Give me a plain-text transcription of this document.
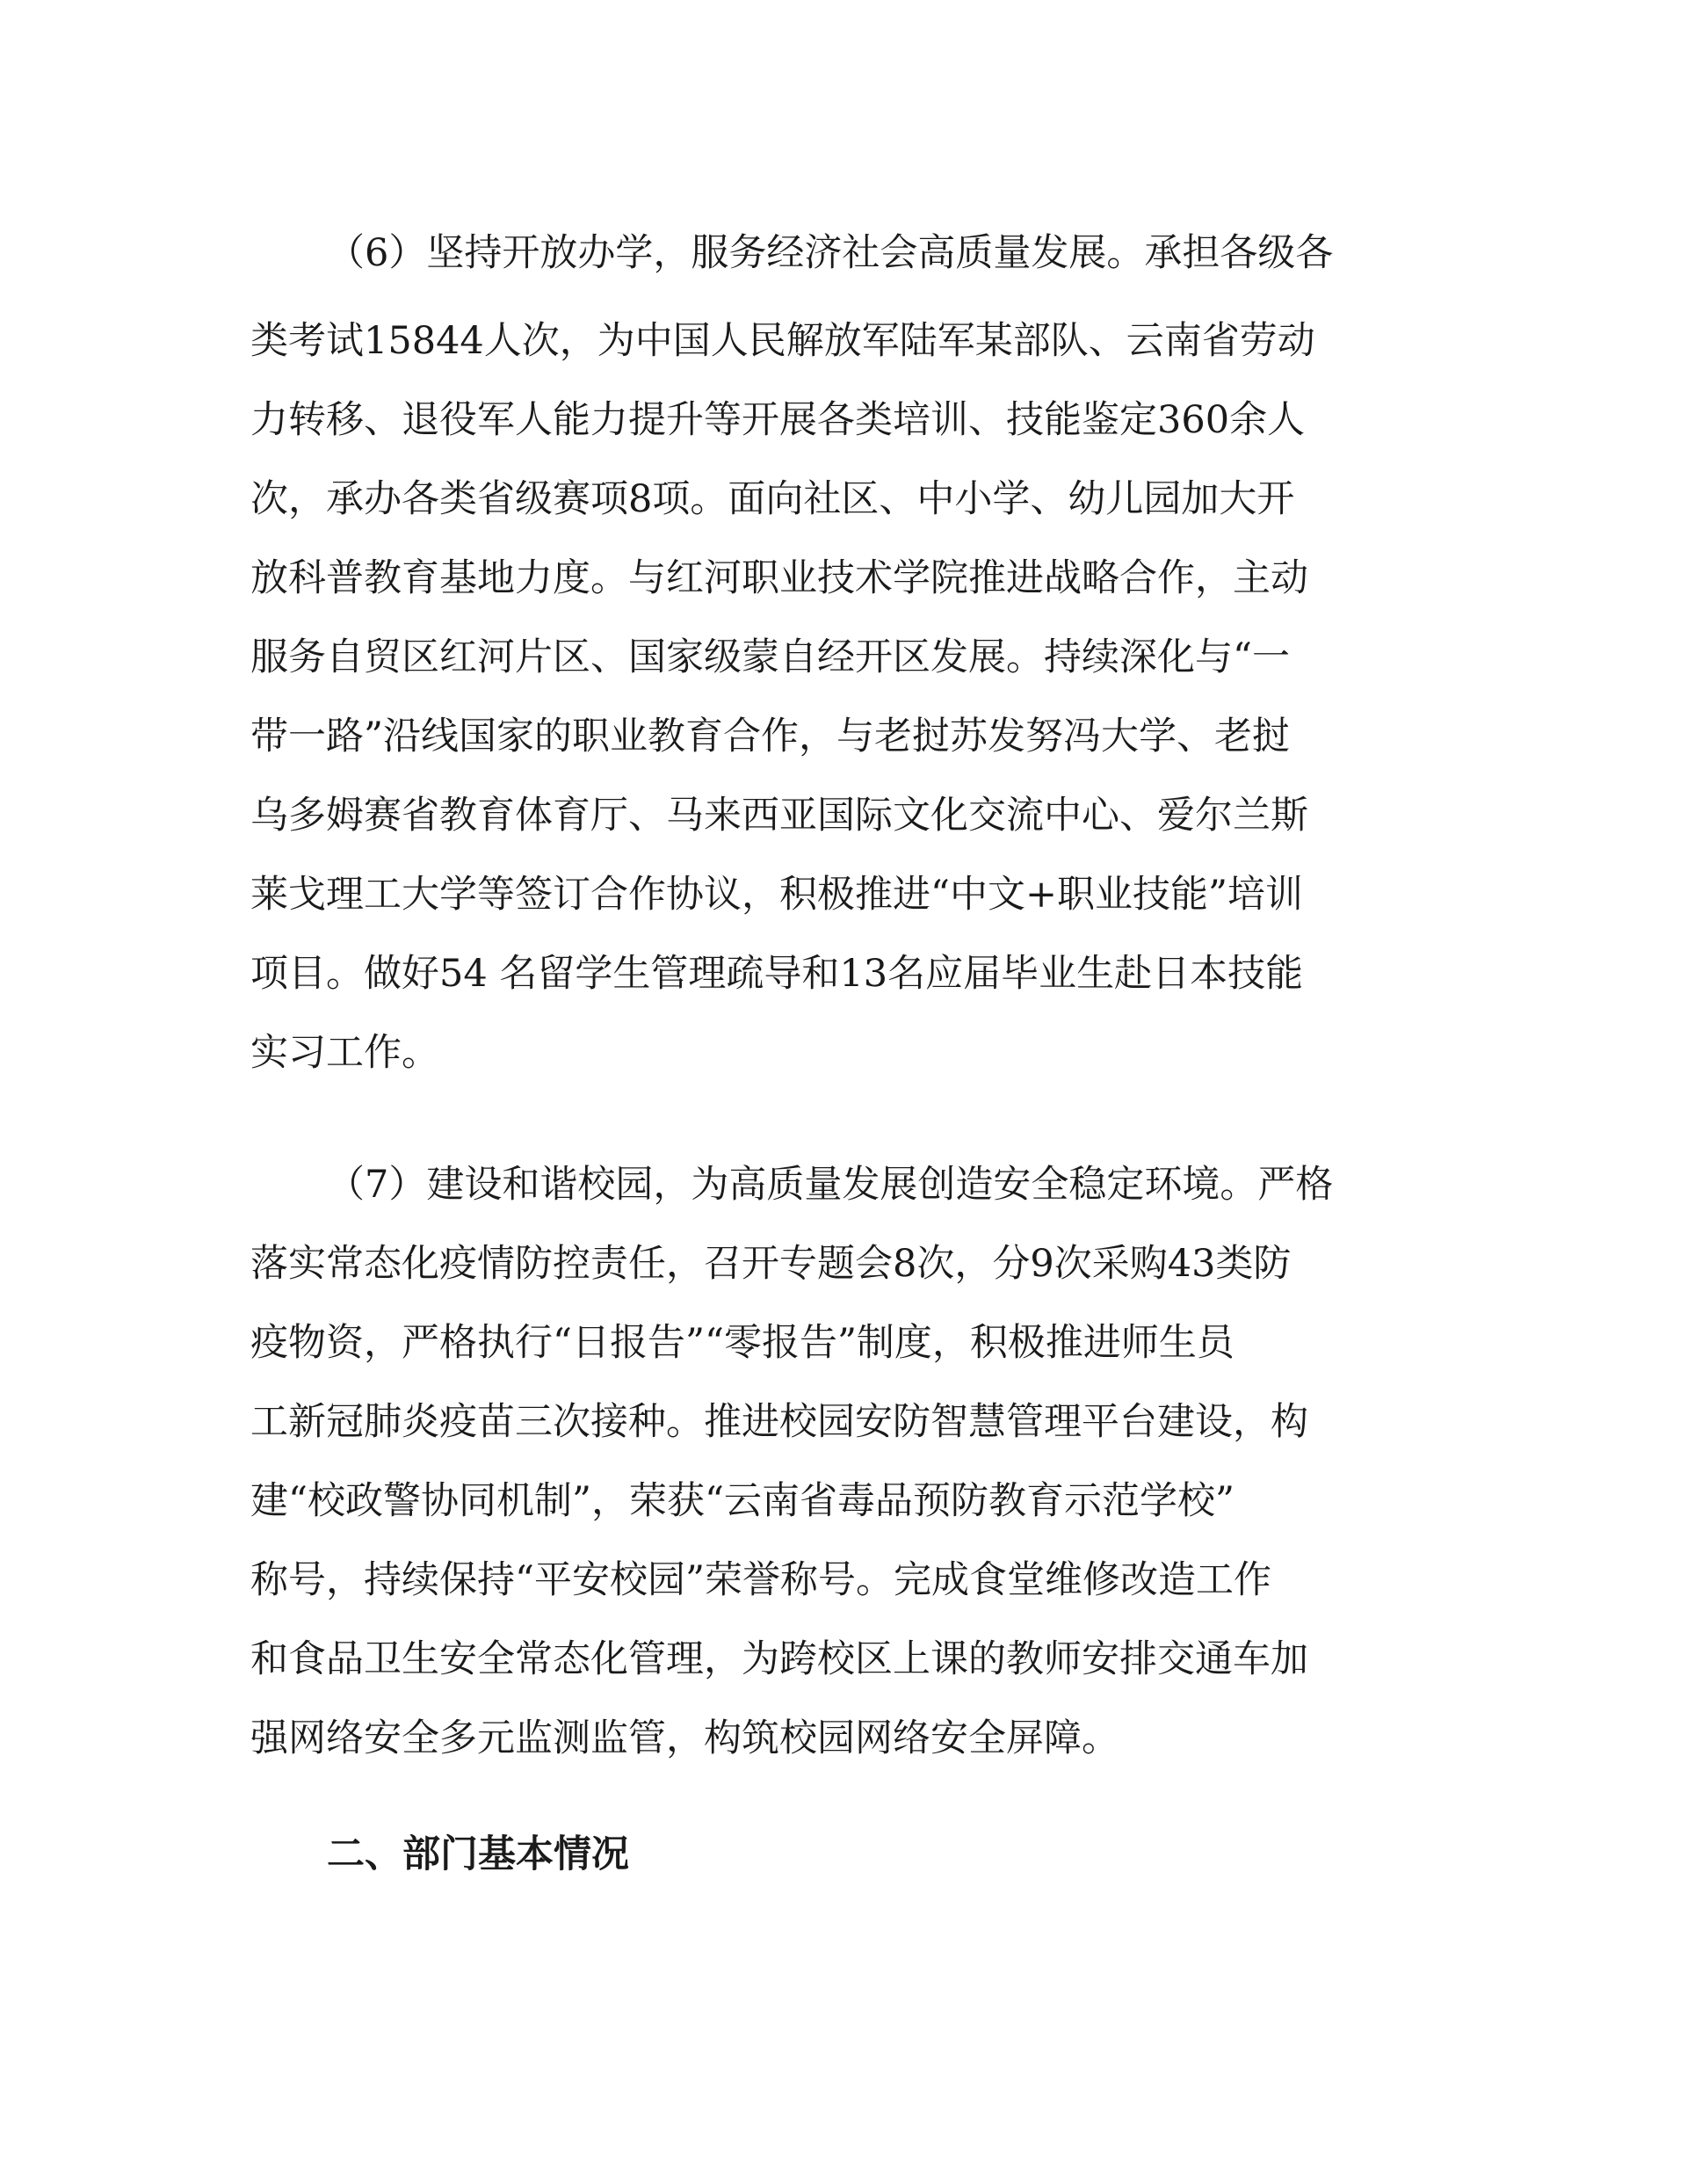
（6）坚持开放办学，服务经济社会高质量发展。承担各级各
类考试15844人次，为中国人民解放军陆军某部队、云南省劳动
力转移、退役军人能力提升等开展各类培训、技能鉴定360余人
次，承办各类省级赛项8项。面向社区、中小学、幼儿园加大开
放科普教育基地力度。与红河职业技术学院推进战略合作，主动
服务自贸区红河片区、国家级蒙自经开区发展。持续深化与“一
带一路”沿线国家的职业教育合作，与老挝苏发努冯大学、老挝
乌多姆赛省教育体育厅、马来西亚国际文化交流中心、爱尔兰斯
莱戈理工大学等签订合作协议，积极推进“中文+职业技能”培训
项目。做好54 名留学生管理疏导和13名应届毕业生赴日本技能
实习工作。
（7）建设和谐校园，为高质量发展创造安全稳定环境。严格
落实常态化疫情防控责任，召开专题会8次，分9次采购43类防
疫物资，严格执行“日报告”“零报告”制度，积极推进师生员
工新冠肺炎疫苗三次接种。推进校园安防智慧管理平台建设，构
建“校政警协同机制”，荣获“云南省毒品预防教育示范学校”
称号，持续保持“平安校园”荣誉称号。完成食堂维修改造工作
和食品卫生安全常态化管理，为跨校区上课的教师安排交通车加
强网络安全多元监测监管，构筑校园网络安全屏障。
二、部门基本情况
